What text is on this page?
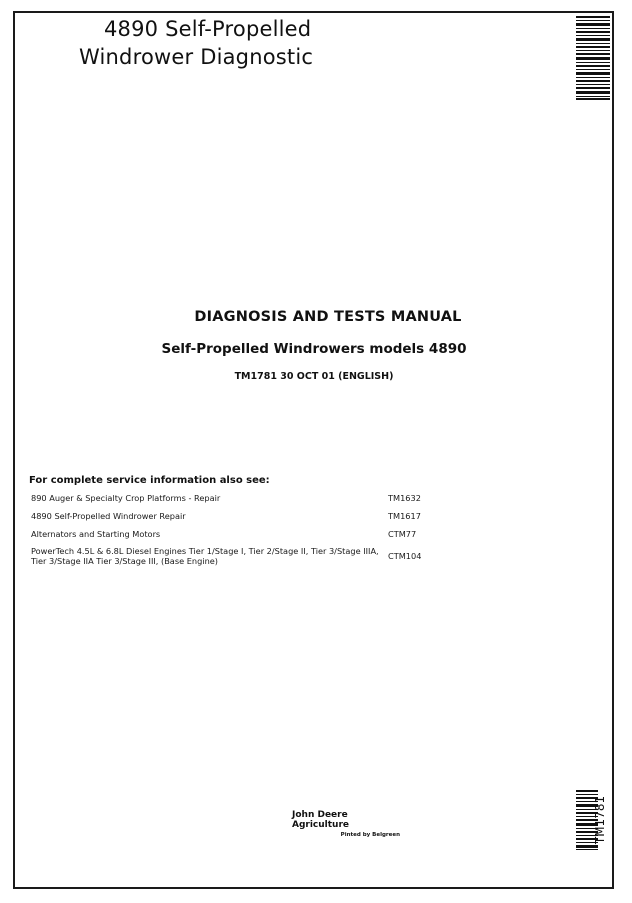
4890 Self-Propelled
Windrower Diagnostic
TM1781
DIAGNOSIS AND TESTS MANUAL
Self-Propelled Windrowers models 4890
TM1781 30 OCT 01 (ENGLISH)
For complete service information also see:
890 Auger & Specialty Crop Platforms - Repair	TM1632
4890 Self-Propelled Windrower Repair	TM1617
Alternators and Starting Motors	CTM77
PowerTech 4.5L & 6.8L Diesel Engines Tier 1/Stage I, Tier 2/Stage II, Tier 3/Stage IIIA, Tier 3/Stage IIA Tier 3/Stage III, (Base Engine)	CTM104
John Deere Agriculture
Pinted by Belgreen
